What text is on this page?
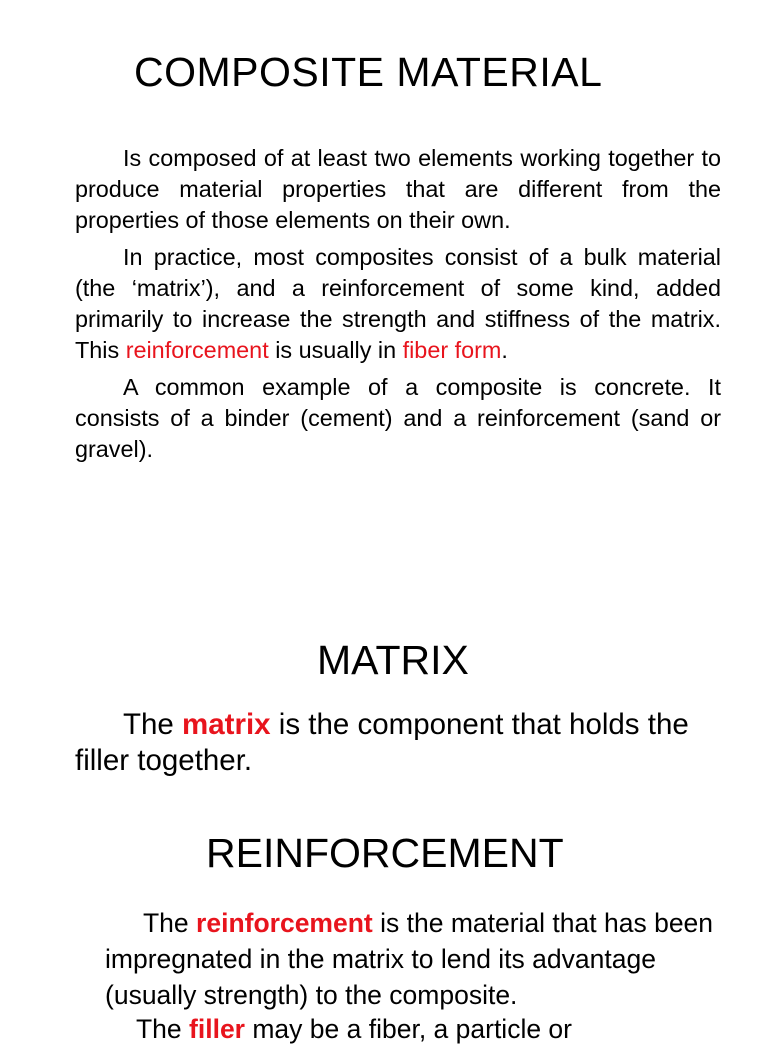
COMPOSITE MATERIAL

Is composed of at least two elements working together to produce material properties that are different from the properties of those elements on their own.

In practice, most composites consist of a bulk material (the ‘matrix’), and a reinforcement of some kind, added primarily to increase the strength and stiffness of the matrix. This reinforcement is usually in fiber form.

A common example of a composite is concrete. It consists of a binder (cement) and a reinforcement (sand or gravel).

MATRIX

The matrix is the component that holds the filler together.

REINFORCEMENT

The reinforcement is the material that has been impregnated in the matrix to lend its advantage (usually strength) to the composite.

The filler may be a fiber, a particle or
